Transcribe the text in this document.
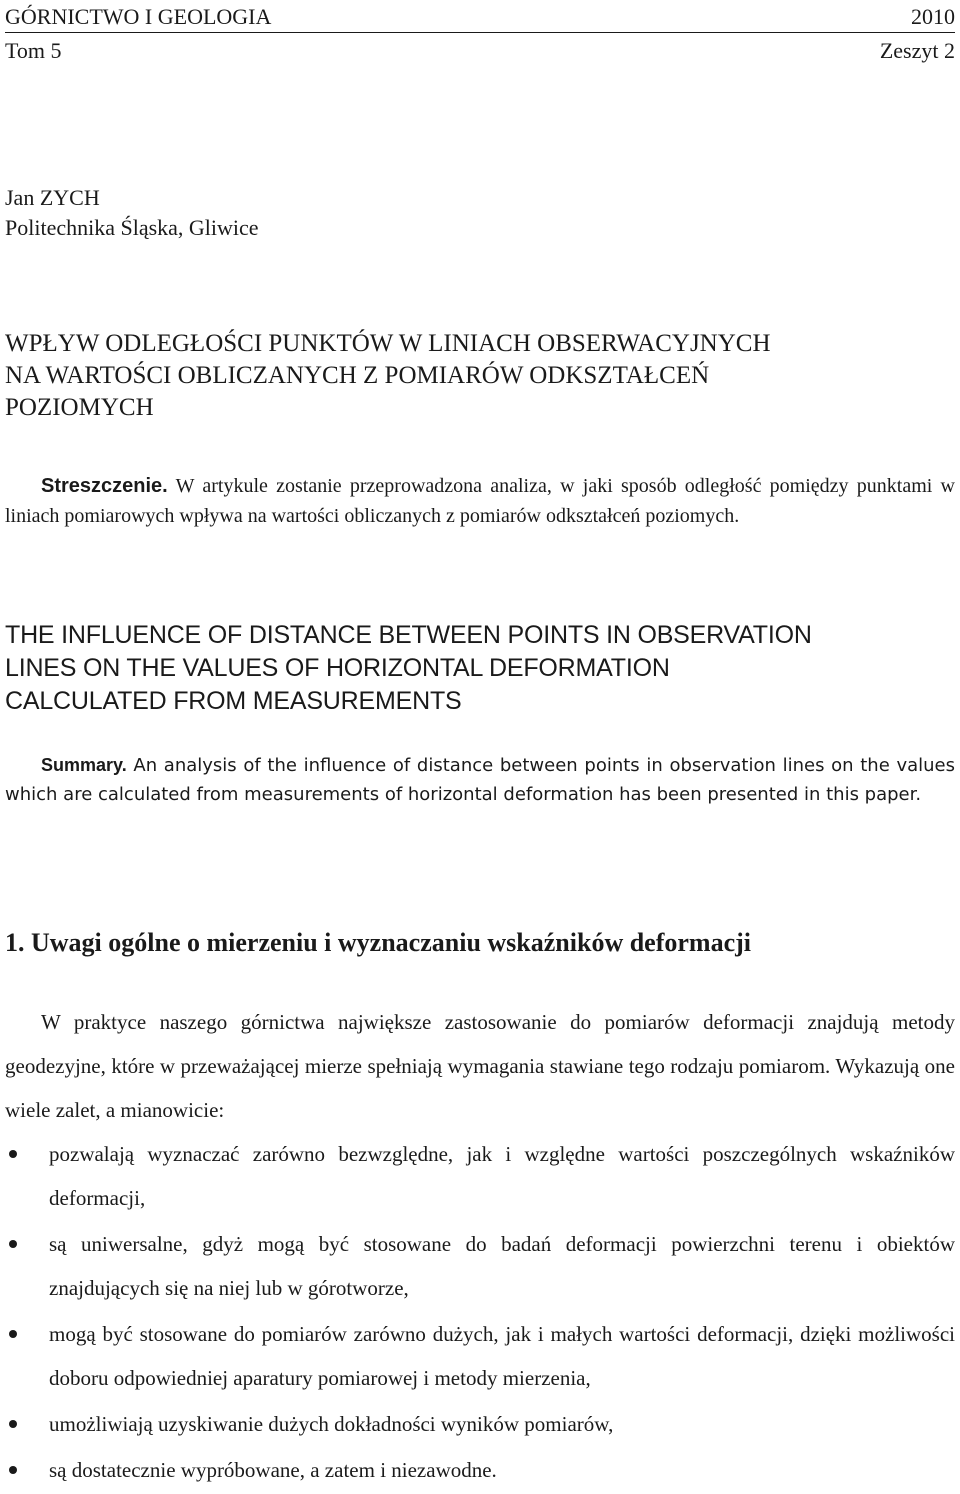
GÓRNICTWO I GEOLOGIA	2010
Tom 5	Zeszyt 2
Jan ZYCH
Politechnika Śląska, Gliwice
WPŁYW ODLEGŁOŚCI PUNKTÓW W LINIACH OBSERWACYJNYCH
NA WARTOŚCI OBLICZANYCH Z POMIARÓW ODKSZTAŁCEŃ
POZIOMYCH

Streszczenie. W artykule zostanie przeprowadzona analiza, w jaki sposób odległość pomiędzy punktami w liniach pomiarowych wpływa na wartości obliczanych z pomiarów odkształceń poziomych.

THE INFLUENCE OF DISTANCE BETWEEN POINTS IN OBSERVATION
LINES ON THE VALUES OF HORIZONTAL DEFORMATION
CALCULATED FROM MEASUREMENTS

Summary. An analysis of the influence of distance between points in observation lines on the values which are calculated from measurements of horizontal deformation has been presented in this paper.

1. Uwagi ogólne o mierzeniu i wyznaczaniu wskaźników deformacji

W praktyce naszego górnictwa największe zastosowanie do pomiarów deformacji znajdują metody geodezyjne, które w przeważającej mierze spełniają wymagania stawiane tego rodzaju pomiarom. Wykazują one wiele zalet, a mianowicie:

pozwalają wyznaczać zarówno bezwzględne, jak i względne wartości poszczególnych wskaźników deformacji,
są uniwersalne, gdyż mogą być stosowane do badań deformacji powierzchni terenu i obiektów znajdujących się na niej lub w górotworze,
mogą być stosowane do pomiarów zarówno dużych, jak i małych wartości deformacji, dzięki możliwości doboru odpowiedniej aparatury pomiarowej i metody mierzenia,
umożliwiają uzyskiwanie dużych dokładności wyników pomiarów,
są dostatecznie wypróbowane, a zatem i niezawodne.
